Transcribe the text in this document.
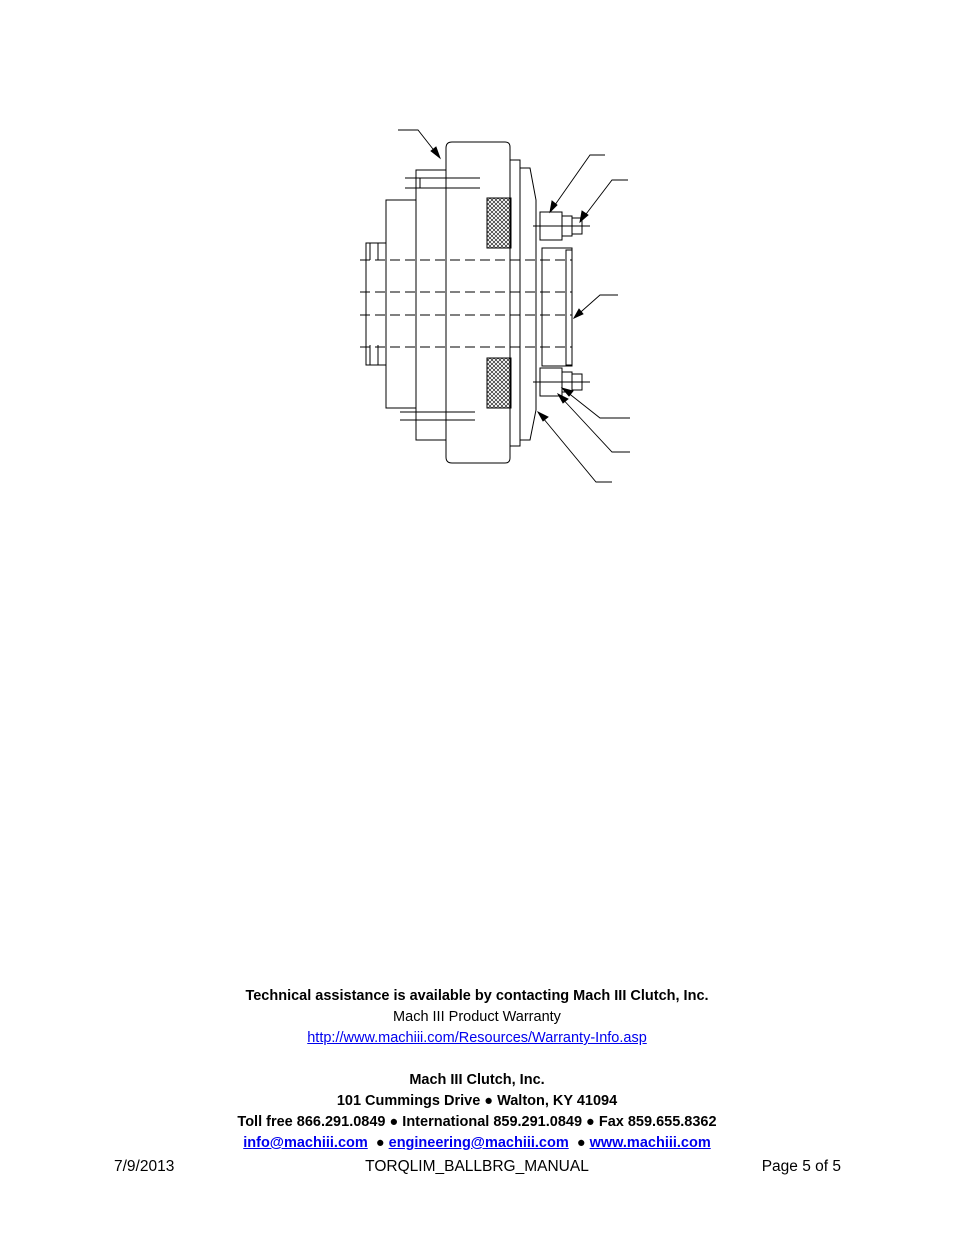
Technical assistance is available by contacting Mach III Clutch, Inc.
Mach III Product Warranty
http://www.machiii.com/Resources/Warranty-Info.asp
Mach III Clutch, Inc.
101 Cummings Drive ● Walton, KY 41094
Toll free 866.291.0849 ● International 859.291.0849 ● Fax 859.655.8362
info@machiii.com ● engineering@machiii.com ● www.machiii.com
7/9/2013	TORQLIM_BALLBRG_MANUAL	Page 5 of 5
